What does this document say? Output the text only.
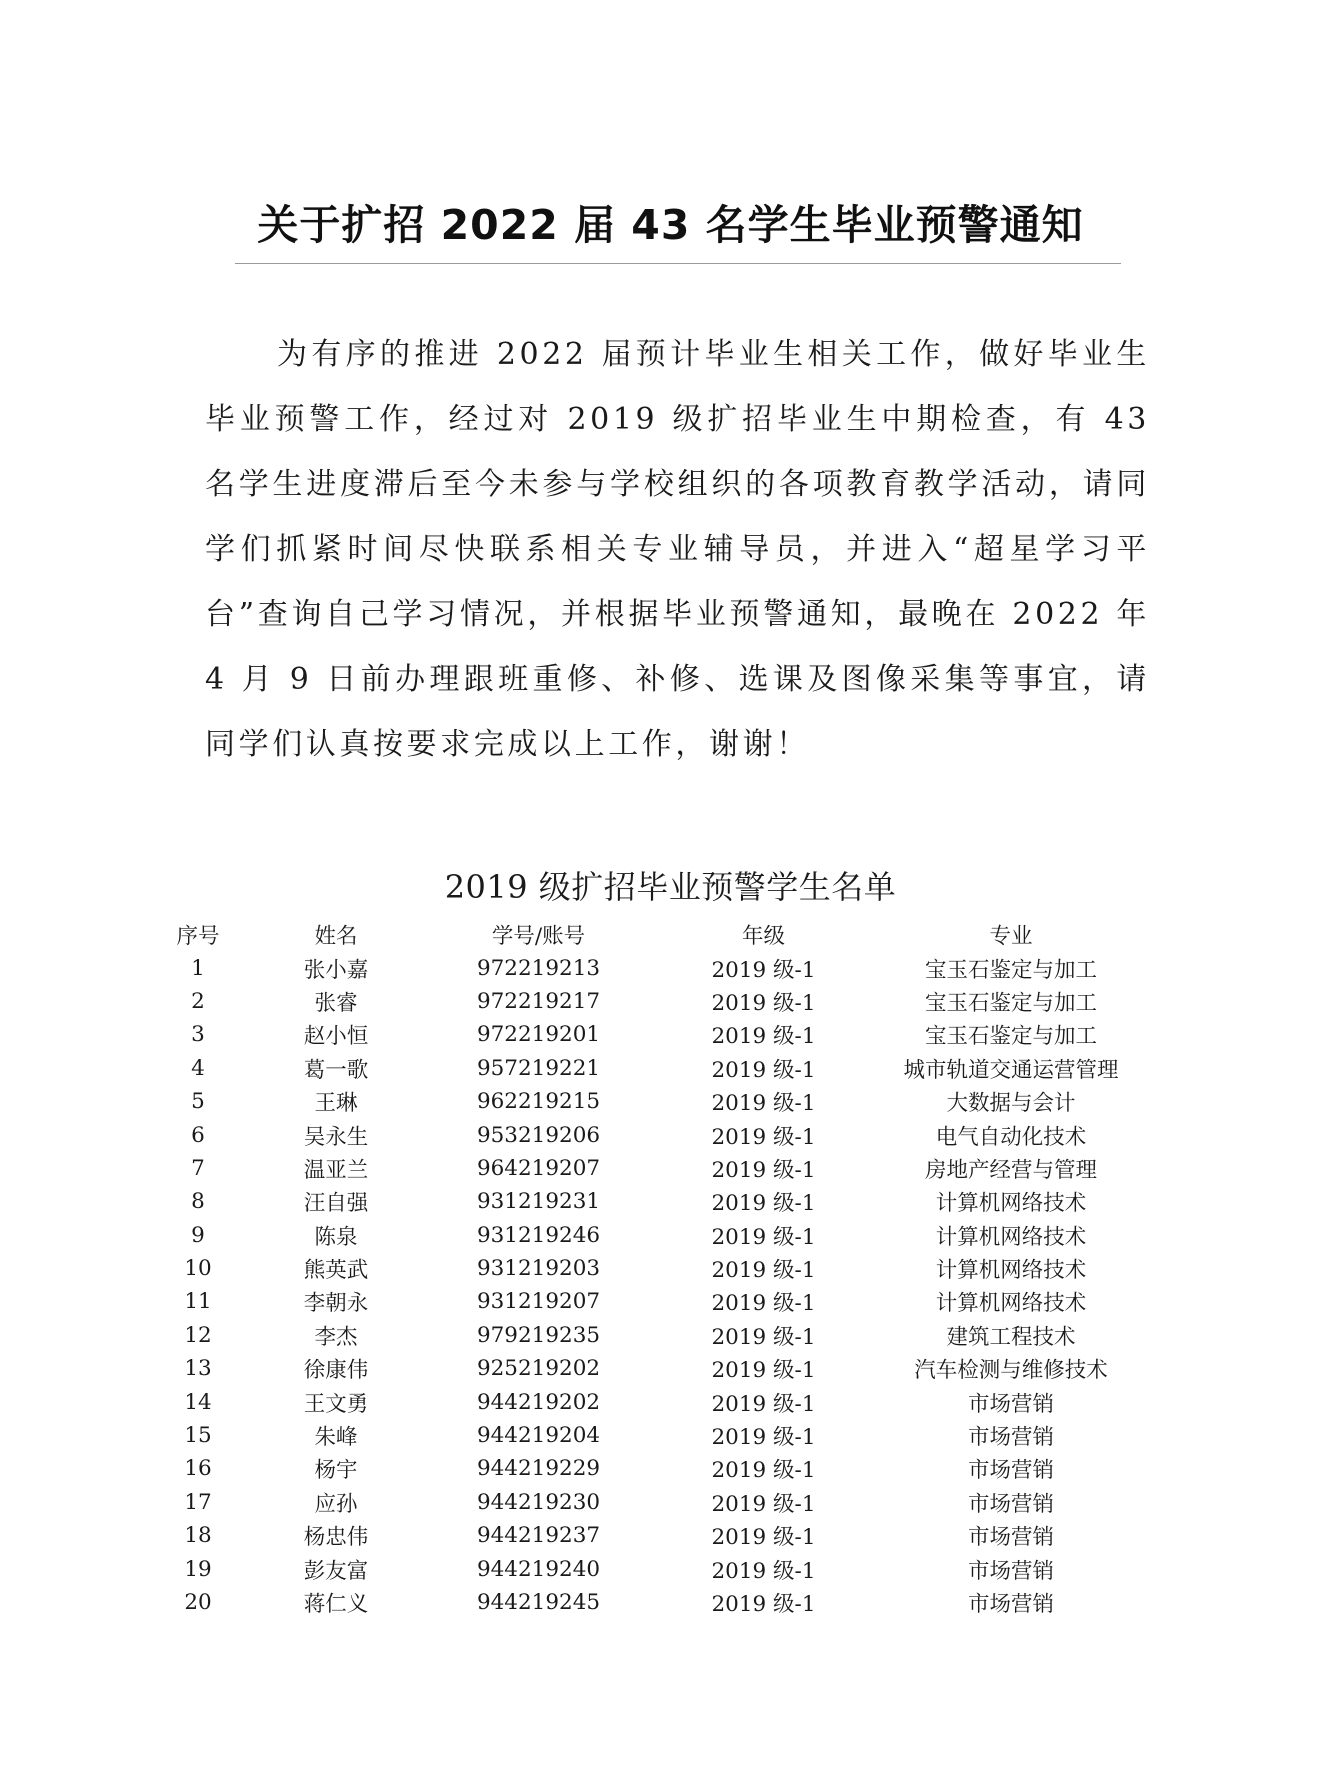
关于扩招 2022 届 43 名学生毕业预警通知

为有序的推进 2022 届预计毕业生相关工作，做好毕业生毕业预警工作，经过对 2019 级扩招毕业生中期检查，有 43 名学生进度滞后至今未参与学校组织的各项教育教学活动，请同学们抓紧时间尽快联系相关专业辅导员，并进入“超星学习平台”查询自己学习情况，并根据毕业预警通知，最晚在 2022 年 4 月 9 日前办理跟班重修、补修、选课及图像采集等事宜，请同学们认真按要求完成以上工作，谢谢！

2019 级扩招毕业预警学生名单
序号	姓名	学号/账号	年级	专业
1	张小嘉	972219213	2019 级-1	宝玉石鉴定与加工
2	张睿	972219217	2019 级-1	宝玉石鉴定与加工
3	赵小恒	972219201	2019 级-1	宝玉石鉴定与加工
4	葛一歌	957219221	2019 级-1	城市轨道交通运营管理
5	王琳	962219215	2019 级-1	大数据与会计
6	吴永生	953219206	2019 级-1	电气自动化技术
7	温亚兰	964219207	2019 级-1	房地产经营与管理
8	汪自强	931219231	2019 级-1	计算机网络技术
9	陈泉	931219246	2019 级-1	计算机网络技术
10	熊英武	931219203	2019 级-1	计算机网络技术
11	李朝永	931219207	2019 级-1	计算机网络技术
12	李杰	979219235	2019 级-1	建筑工程技术
13	徐康伟	925219202	2019 级-1	汽车检测与维修技术
14	王文勇	944219202	2019 级-1	市场营销
15	朱峰	944219204	2019 级-1	市场营销
16	杨宇	944219229	2019 级-1	市场营销
17	应孙	944219230	2019 级-1	市场营销
18	杨忠伟	944219237	2019 级-1	市场营销
19	彭友富	944219240	2019 级-1	市场营销
20	蒋仁义	944219245	2019 级-1	市场营销
